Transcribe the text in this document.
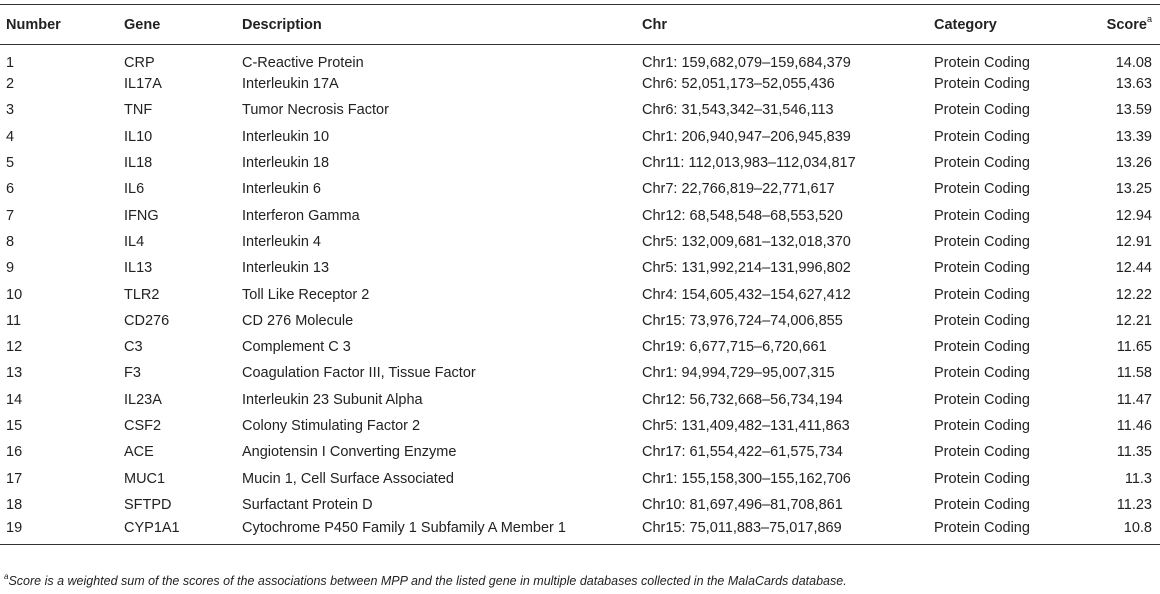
Number	Gene	Description	Chr	Category	Score$^a$
1	CRP	C-Reactive Protein	Chr1: 159,682,079–159,684,379	Protein Coding	14.08
2	IL17A	Interleukin 17A	Chr6: 52,051,173–52,055,436	Protein Coding	13.63
3	TNF	Tumor Necrosis Factor	Chr6: 31,543,342–31,546,113	Protein Coding	13.59
4	IL10	Interleukin 10	Chr1: 206,940,947–206,945,839	Protein Coding	13.39
5	IL18	Interleukin 18	Chr11: 112,013,983–112,034,817	Protein Coding	13.26
6	IL6	Interleukin 6	Chr7: 22,766,819–22,771,617	Protein Coding	13.25
7	IFNG	Interferon Gamma	Chr12: 68,548,548–68,553,520	Protein Coding	12.94
8	IL4	Interleukin 4	Chr5: 132,009,681–132,018,370	Protein Coding	12.91
9	IL13	Interleukin 13	Chr5: 131,992,214–131,996,802	Protein Coding	12.44
10	TLR2	Toll Like Receptor 2	Chr4: 154,605,432–154,627,412	Protein Coding	12.22
11	CD276	CD 276 Molecule	Chr15: 73,976,724–74,006,855	Protein Coding	12.21
12	C3	Complement C 3	Chr19: 6,677,715–6,720,661	Protein Coding	11.65
13	F3	Coagulation Factor III, Tissue Factor	Chr1: 94,994,729–95,007,315	Protein Coding	11.58
14	IL23A	Interleukin 23 Subunit Alpha	Chr12: 56,732,668–56,734,194	Protein Coding	11.47
15	CSF2	Colony Stimulating Factor 2	Chr5: 131,409,482–131,411,863	Protein Coding	11.46
16	ACE	Angiotensin I Converting Enzyme	Chr17: 61,554,422–61,575,734	Protein Coding	11.35
17	MUC1	Mucin 1, Cell Surface Associated	Chr1: 155,158,300–155,162,706	Protein Coding	11.3
18	SFTPD	Surfactant Protein D	Chr10: 81,697,496–81,708,861	Protein Coding	11.23
19	CYP1A1	Cytochrome P450 Family 1 Subfamily A Member 1	Chr15: 75,011,883–75,017,869	Protein Coding	10.8
$^a$Score is a weighted sum of the scores of the associations between MPP and the listed gene in multiple databases collected in the MalaCards database.
